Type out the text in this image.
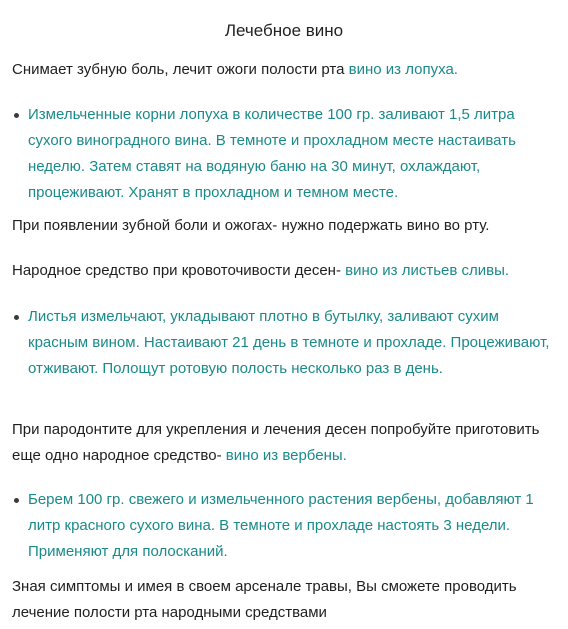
Лечебное вино
Снимает зубную боль, лечит ожоги полости рта вино из лопуха.
Измельченные корни лопуха в количестве 100 гр. заливают 1,5 литра сухого виноградного вина. В темноте и прохладном месте настаивать неделю. Затем ставят на водяную баню на 30 минут, охлаждают, процеживают. Хранят в прохладном и темном месте.
При появлении зубной боли и ожогах- нужно подержать вино во рту.
Народное средство при кровоточивости десен- вино из листьев сливы.
Листья измельчают, укладывают плотно в бутылку, заливают сухим красным вином. Настаивают 21 день в темноте и прохладе. Процеживают, отживают. Полощут ротовую полость несколько раз в день.
При пародонтите для укрепления и лечения десен попробуйте приготовить еще одно народное средство- вино из вербены.
Берем 100 гр. свежего и измельченного растения вербены, добавляют 1 литр красного сухого вина. В темноте и прохладе настоять 3 недели. Применяют для полосканий.
Зная симптомы и имея в своем арсенале травы, Вы сможете проводить лечение полости рта народными средствами
